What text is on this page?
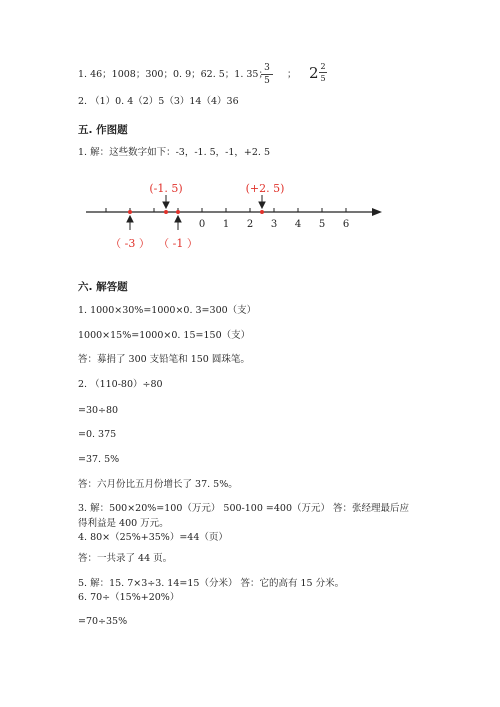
1. 46；1008；300；0. 9；62. 5；1. 35；
3
5
； 2 2
5
2. （1）0. 4（2）5（3）14（4）36
五. 作图题
1. 解：这些数字如下：-3，-1. 5，-1，+2. 5
0 1 2 3 4 5 6
(-1. 5)	(+2. 5)
（ -3 ） （ -1 ）
六. 解答题
1. 1000×30%=1000×0. 3=300（支）
1000×15%=1000×0. 15=150（支）
答：募捐了 300 支铅笔和 150 圆珠笔。
2. （110-80）÷80
=30÷80
=0. 375
=37. 5%
答：六月份比五月份增长了 37. 5%。
3. 解：500×20%=100（万元） 500-100 =400（万元） 答：张经理最后应
得利益是 400 万元。
4. 80×（25%+35%）=44（页）
答：一共录了 44 页。
5. 解：15. 7×3÷3. 14=15（分米） 答：它的高有 15 分米。
6. 70÷（15%+20%）
=70÷35%
